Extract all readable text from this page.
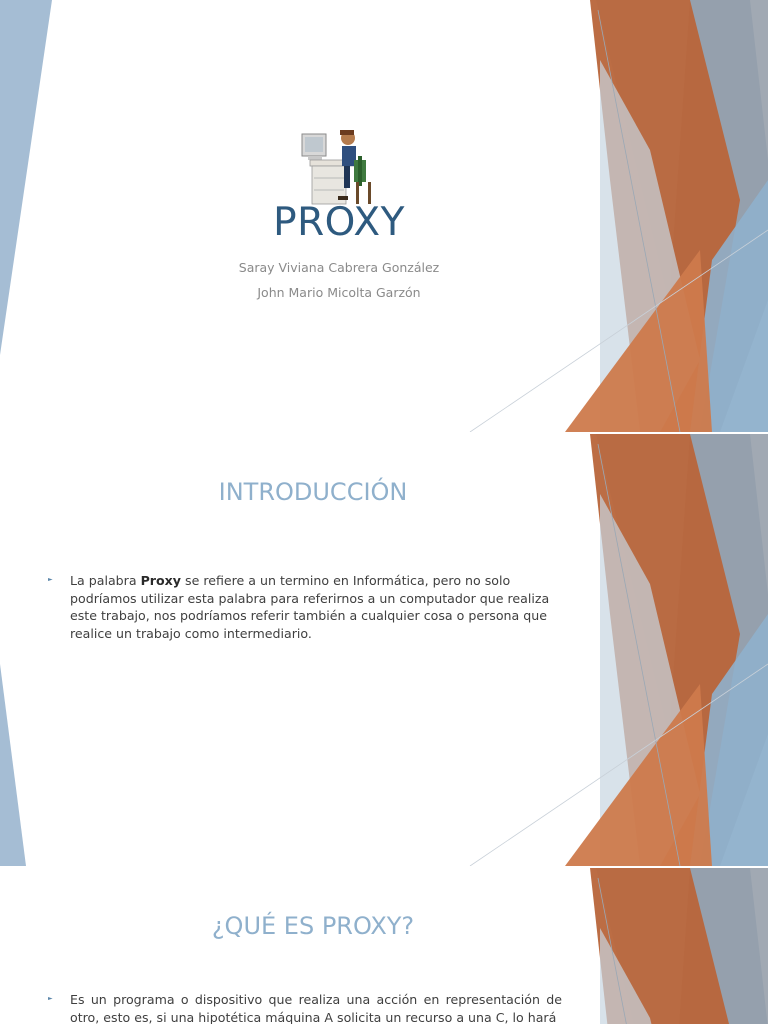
PROXY
Saray Viviana Cabrera González
John Mario Micolta Garzón
INTRODUCCIÓN
► La palabra Proxy se refiere a un termino en Informática, pero no solo podríamos utilizar esta palabra para referirnos a un computador que realiza este trabajo, nos podríamos referir también a cualquier cosa o persona que realice un trabajo como intermediario.
¿QUÉ ES PROXY?
► Es un programa o dispositivo que realiza una acción en representación de otro, esto es, si una hipotética máquina A solicita un recurso a una C, lo hará
